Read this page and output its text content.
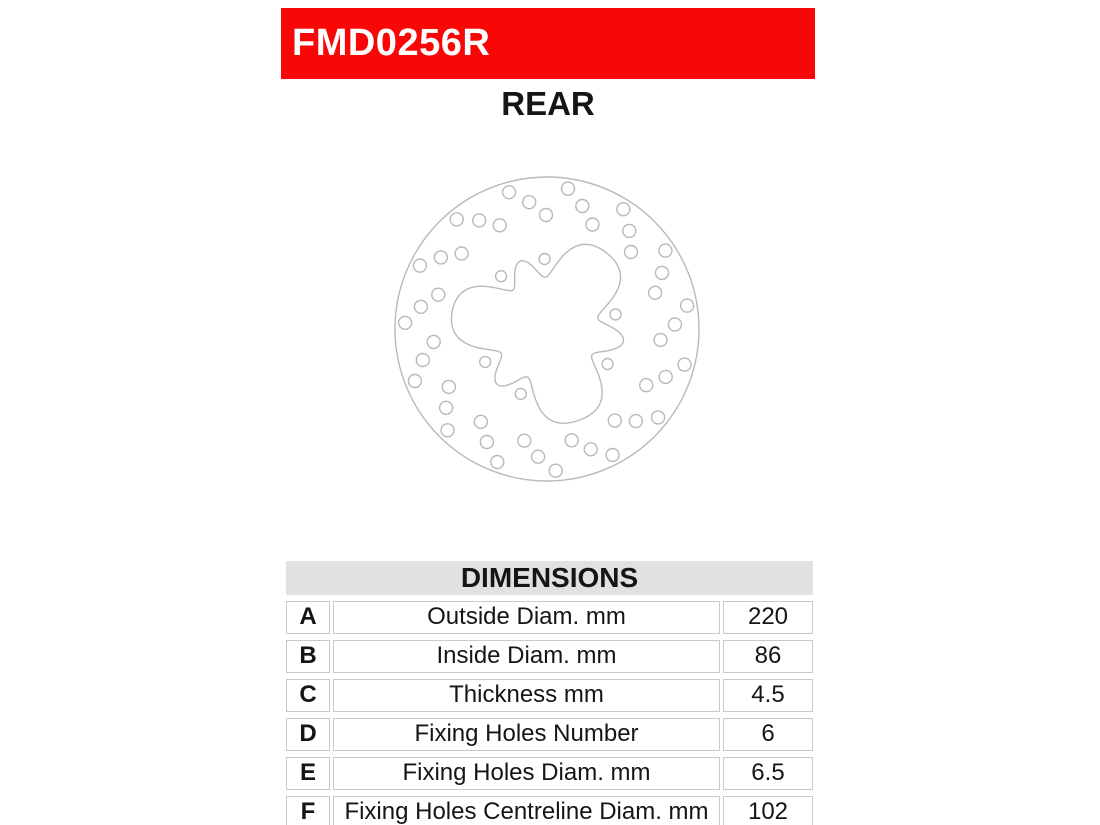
FMD0256R
REAR
DIMENSIONS		
A	Outside Diam. mm	220
B	Inside Diam. mm	86
C	Thickness mm	4.5
D	Fixing Holes Number	6
E	Fixing Holes Diam. mm	6.5
F	Fixing Holes Centreline Diam. mm	102
